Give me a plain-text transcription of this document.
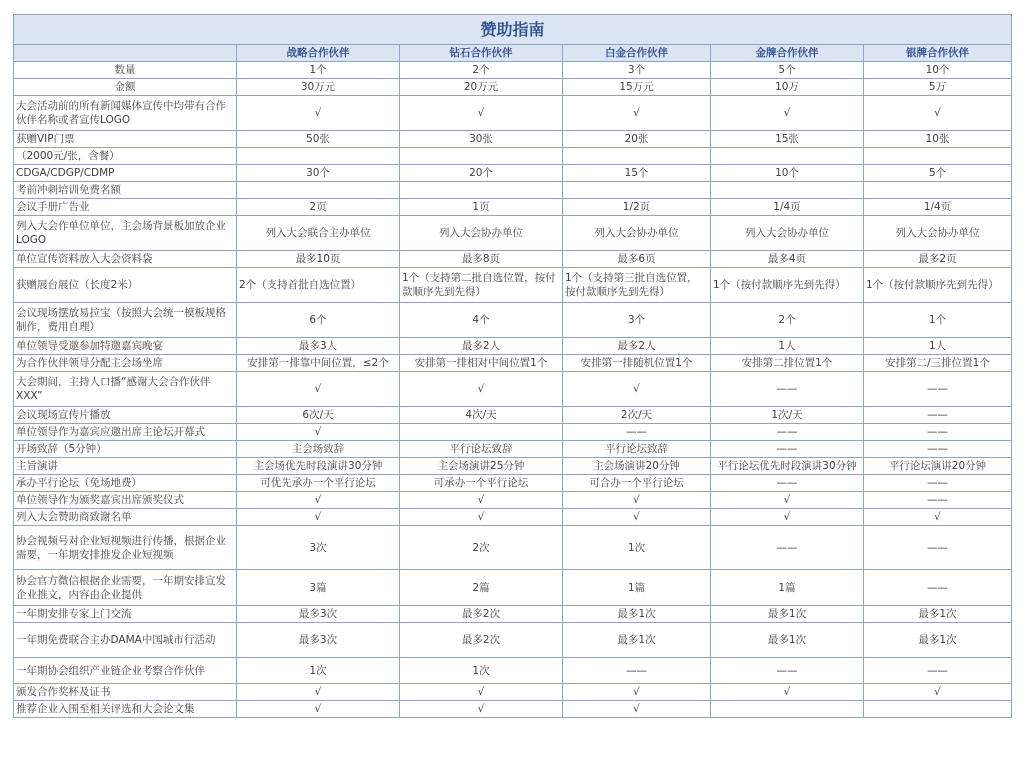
赞助指南
	战略合作伙伴	钻石合作伙伴	白金合作伙伴	金牌合作伙伴	银牌合作伙伴
数量	1个	2个	3个	5个	10个
金额	30万元	20万元	15万元	10万	5万
大会活动前的所有新闻媒体宣传中均带有合作伙伴名称或者宣传LOGO	√	√	√	√	√
获赠VIP门票	50张	30张	20张	15张	10张
（2000元/张，含餐）					
CDGA/CDGP/CDMP	30个	20个	15个	10个	5个
考前冲刺培训免费名额					
会议手册广告业	2页	1页	1/2页	1/4页	1/4页
列入大会作单位单位，主会场背景板加放企业LOGO	列入大会联合主办单位	列入大会协办单位	列入大会协办单位	列入大会协办单位	列入大会协办单位
单位宣传资料放入大会资料袋	最多10页	最多8页	最多6页	最多4页	最多2页
获赠展台展位（长度2米）	2个（支持首批自选位置）	1个（支持第二批自选位置，按付款顺序先到先得）	1个（支持第三批自选位置，按付款顺序先到先得）	1个（按付款顺序先到先得）	1个（按付款顺序先到先得）
会议现场摆放易拉宝（按照大会统一模板规格制作，费用自理）	6个	4个	3个	2个	1个
单位领导受邀参加特邀嘉宾晚宴	最多3人	最多2人	最多2人	1人	1人
为合作伙伴领导分配主会场坐席	安排第一排靠中间位置，≤2个	安排第一排相对中间位置1个	安排第一排随机位置1个	安排第二排位置1个	安排第二/三排位置1个
大会期间，主持人口播“感谢大会合作伙伴XXX”	√	√	√	——	——
会议现场宣传片播放	6次/天	4次/天	2次/天	1次/天	——
单位领导作为嘉宾应邀出席主论坛开幕式	√		——	——	——
开场致辞（5分钟）	主会场致辞	平行论坛致辞	平行论坛致辞	——	——
主旨演讲	主会场优先时段演讲30分钟	主会场演讲25分钟	主会场演讲20分钟	平行论坛优先时段演讲30分钟	平行论坛演讲20分钟
承办平行论坛（免场地费）	可优先承办一个平行论坛	可承办一个平行论坛	可合办一个平行论坛	——	——
单位领导作为颁奖嘉宾出席颁奖仪式	√	√	√	√	——
列入大会赞助商致谢名单	√	√	√	√	√
协会视频号对企业短视频进行传播，根据企业需要，一年期安排推发企业短视频	3次	2次	1次	——	——
协会官方微信根据企业需要，一年期安排宣发企业推文，内容由企业提供	3篇	2篇	1篇	1篇	——
一年期安排专家上门交流	最多3次	最多2次	最多1次	最多1次	最多1次
一年期免费联合主办DAMA中国城市行活动	最多3次	最多2次	最多1次	最多1次	最多1次
一年期协会组织产业链企业考察合作伙伴	1次	1次	——	——	——
颁发合作奖杯及证书	√	√	√	√	√
推荐企业入围至相关评选和大会论文集	√	√	√		
